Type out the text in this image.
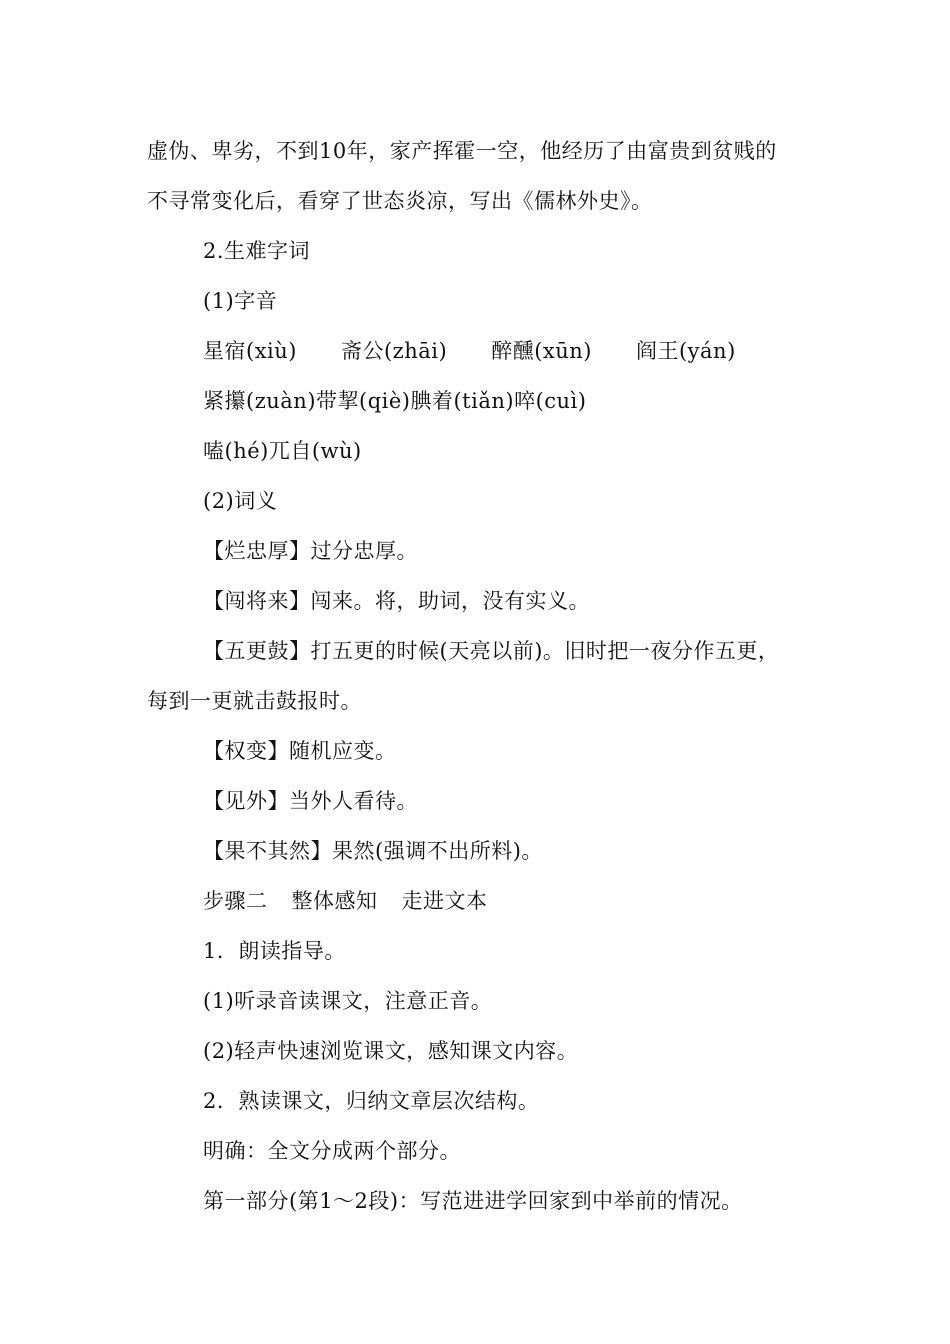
虚伪、卑劣，不到10年，家产挥霍一空，他经历了由富贵到贫贱的
不寻常变化后，看穿了世态炎凉，写出《儒林外史》。
2.生难字词
(1)字音
星宿(xiù) 斋公(zhāi) 醉醺(xūn) 阎王(yán)
紧攥(zuàn)带挈(qiè)腆着(tiǎn)啐(cuì)
嗑(hé)兀自(wù)
(2)词义
【烂忠厚】过分忠厚。
【闯将来】闯来。将，助词，没有实义。
【五更鼓】打五更的时候(天亮以前)。旧时把一夜分作五更，
每到一更就击鼓报时。
【权变】随机应变。
【见外】当外人看待。
【果不其然】果然(强调不出所料)。
步骤二 整体感知 走进文本
1．朗读指导。
(1)听录音读课文，注意正音。
(2)轻声快速浏览课文，感知课文内容。
2．熟读课文，归纳文章层次结构。
明确：全文分成两个部分。
第一部分(第1～2段)：写范进进学回家到中举前的情况。
